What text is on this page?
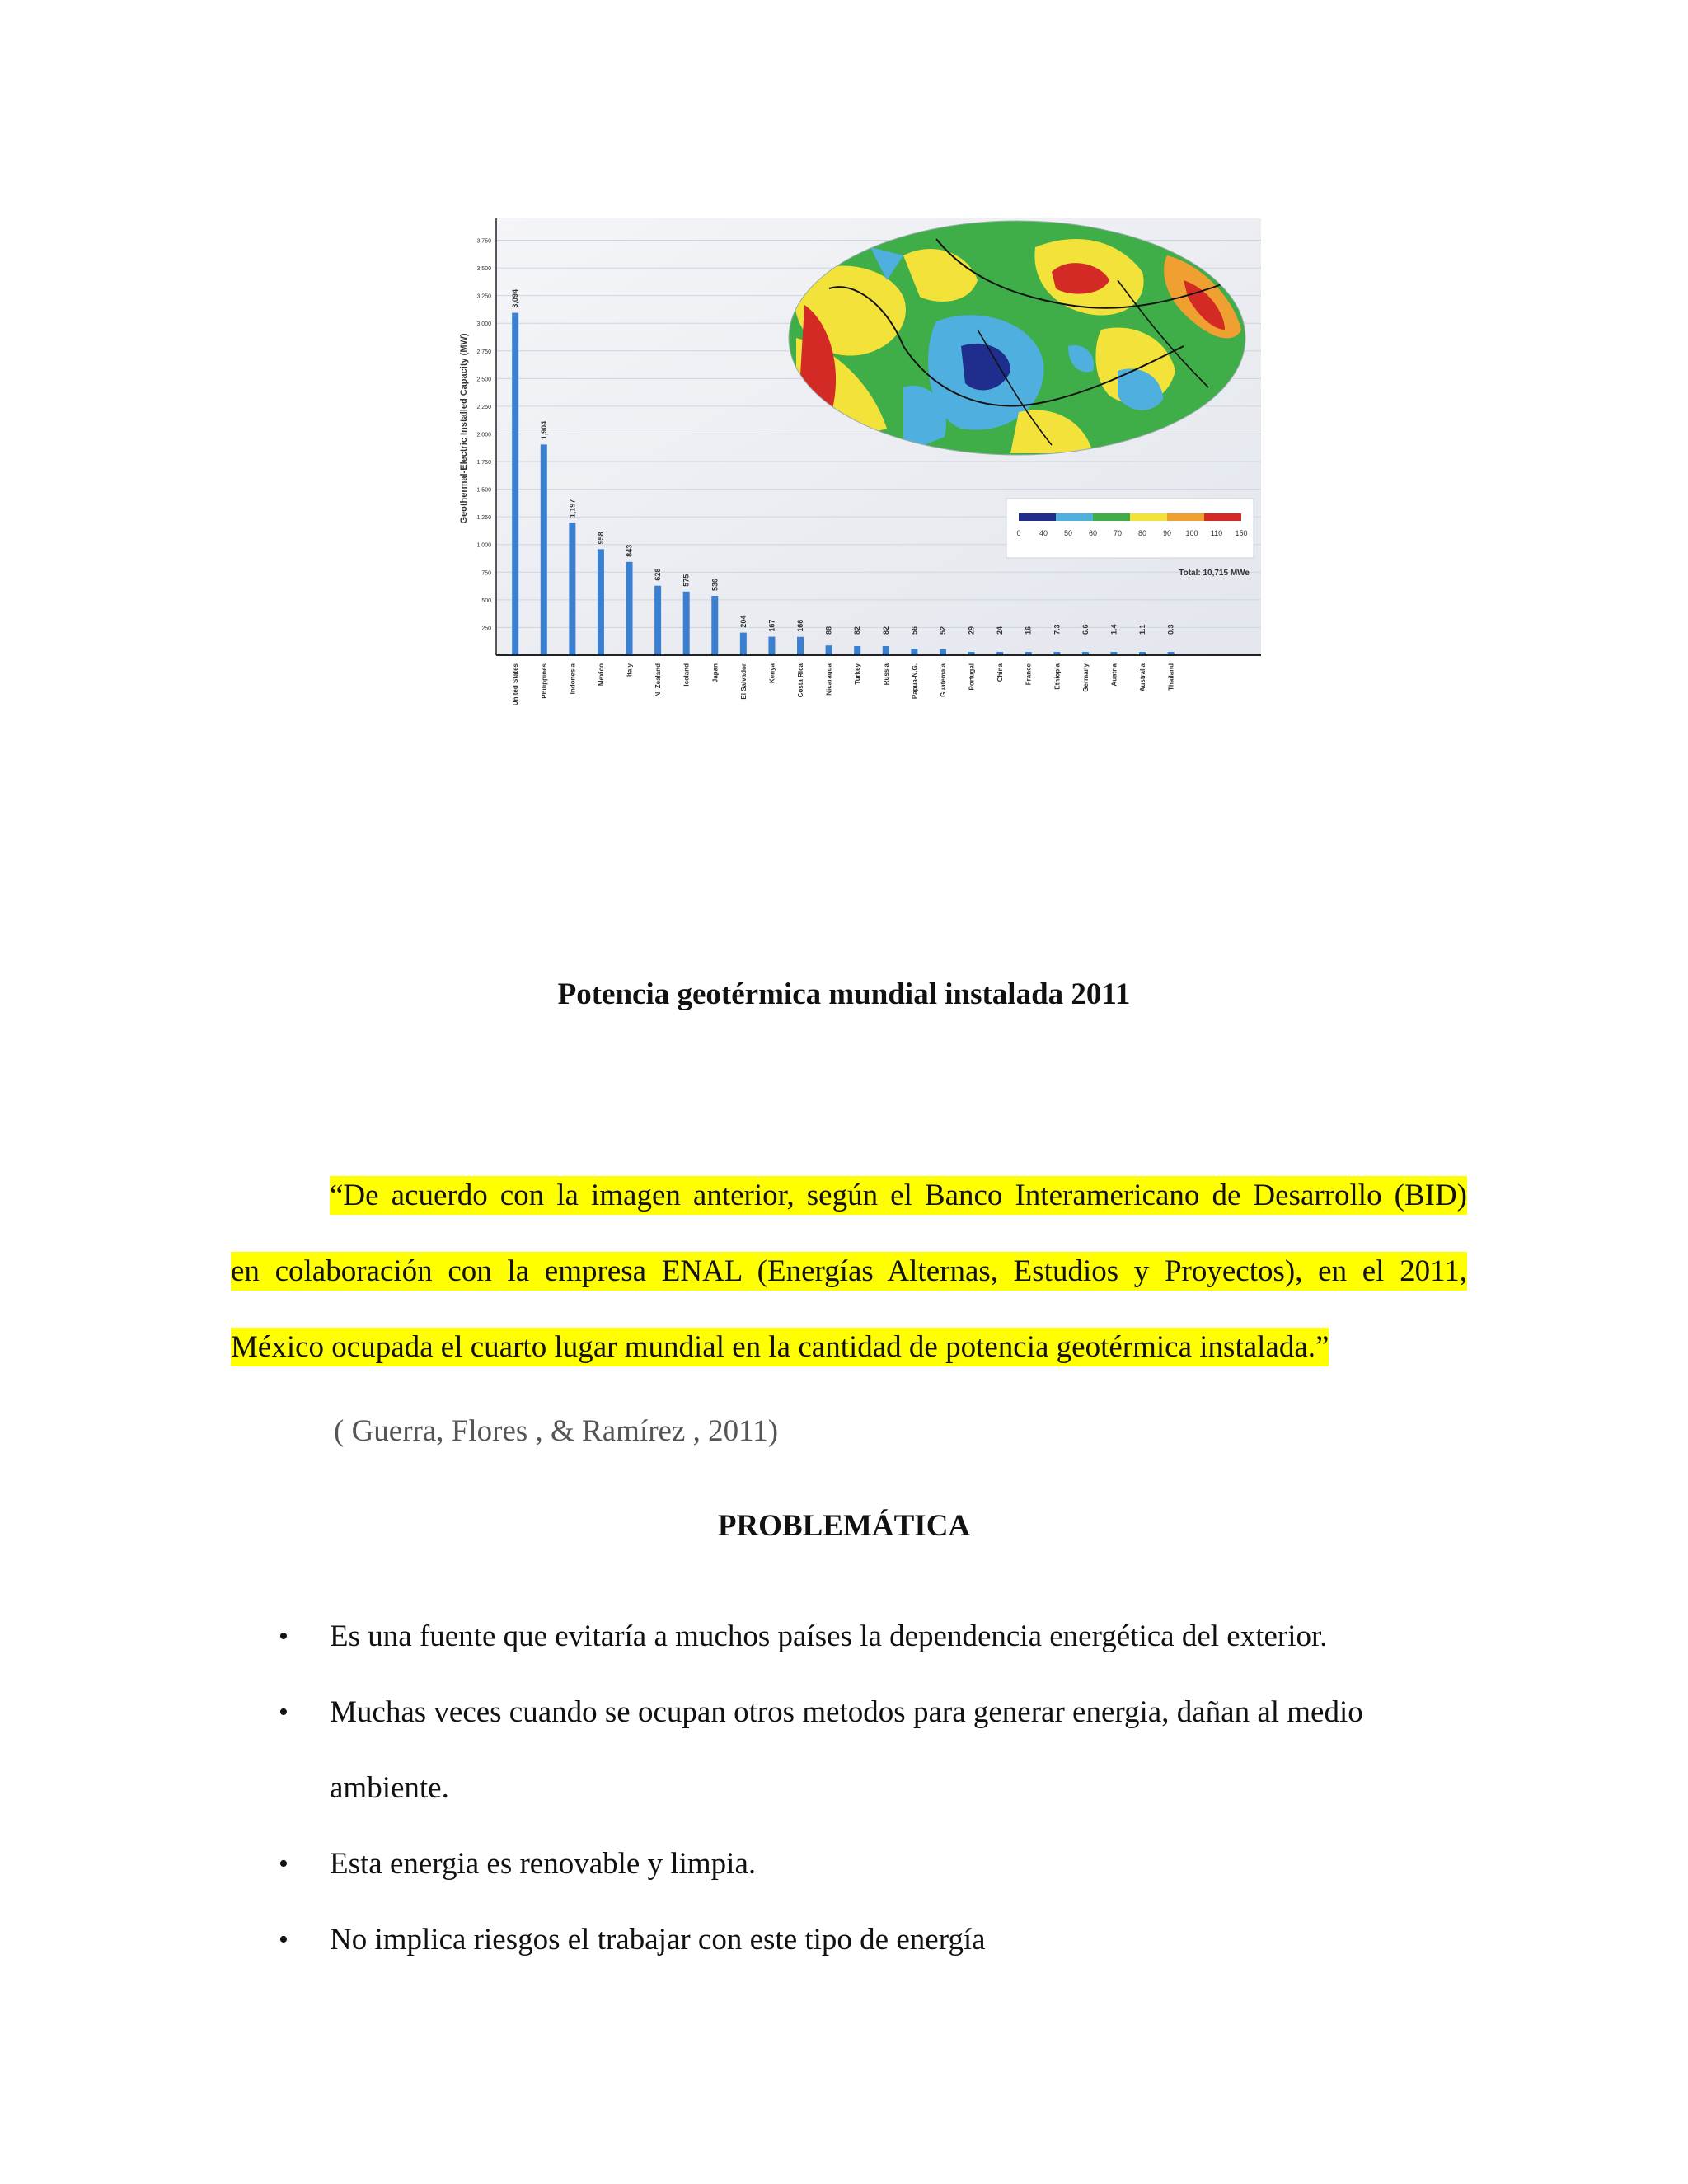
3,750
3,500
3,250
3,000
2,750
2,500
2,250
2,000
1,750
1,500
1,250
1,000
750
500
250
Geothermal-Electric Installed Capacity (MW)
0 40 50 60 70 80 90 100 110 150
Total: 10,715 MWe
3,094
1,904
1,197
958
843
628	575	536
204	167	166	88	82	82	56	52	29	24	16	7.3	6.6	1.4	1.1	0.3
United States	Philippines	Indonesia	Mexico	Italy	N. Zealand	Iceland	Japan	El Salvador	Kenya	Costa Rica	Nicaragua	Turkey	Russia	Papua-N.G.	Guatemala	Portugal	China	France	Ethiopia	Germany	Austria	Australia	Thailand
Potencia geotérmica mundial instalada 2011
“De acuerdo con la imagen anterior, según el Banco Interamericano de Desarrollo (BID)
en colaboración con la empresa ENAL (Energías Alternas, Estudios y Proyectos), en el 2011,
México ocupada el cuarto lugar mundial en la cantidad de potencia geotérmica instalada.”
( Guerra, Flores , & Ramírez , 2011)
PROBLEMÁTICA
• Es una fuente que evitaría a muchos países la dependencia energética del exterior.
• Muchas veces cuando se ocupan otros metodos para generar energia, dañan al medio ambiente.
• Esta energia es renovable y limpia.
• No implica riesgos el trabajar con este tipo de energía
